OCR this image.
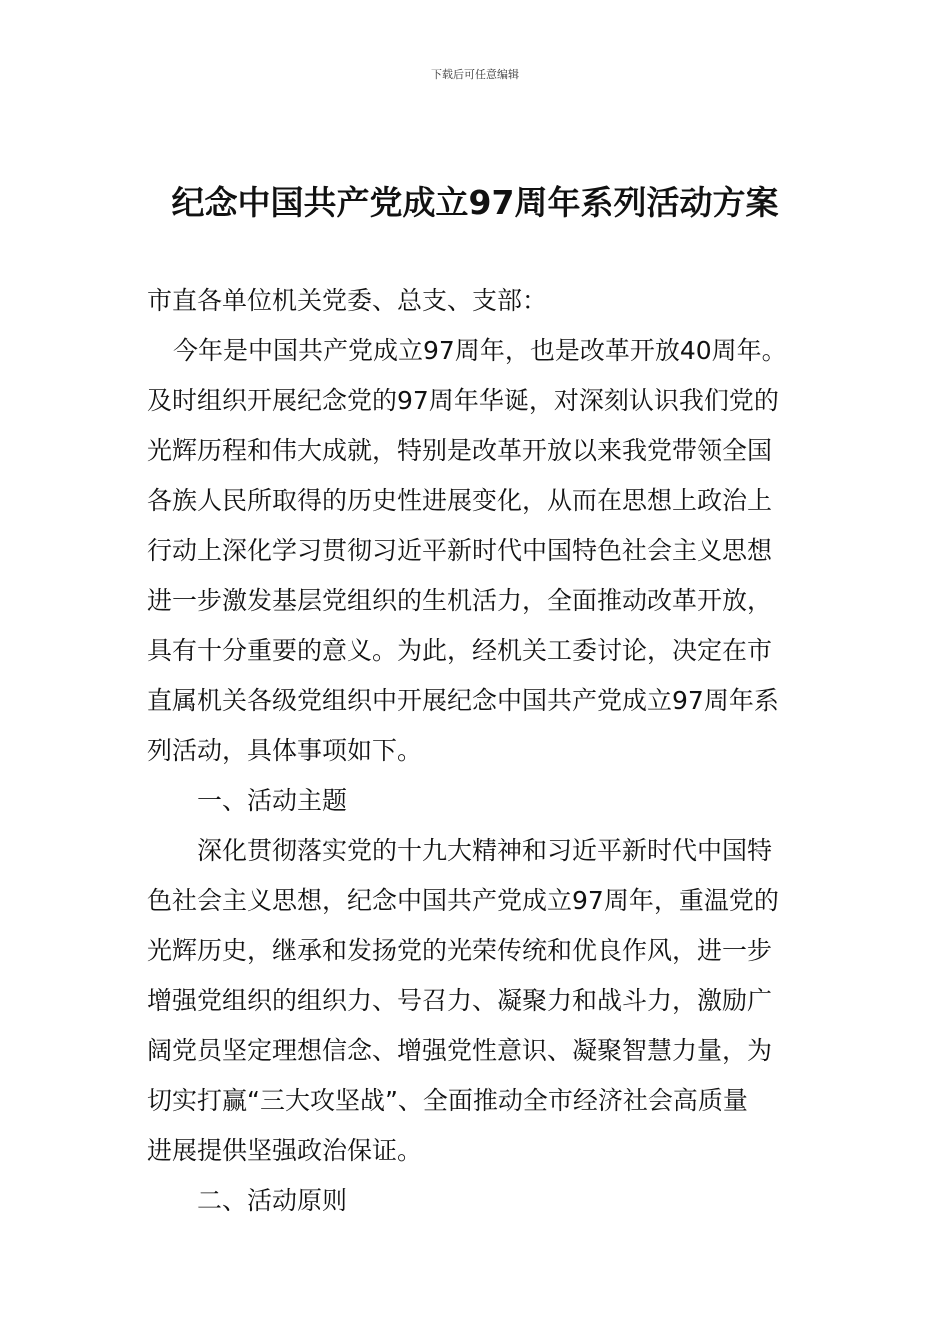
下载后可任意编辑
纪念中国共产党成立97周年系列活动方案
市直各单位机关党委、总支、支部：
今年是中国共产党成立97周年，也是改革开放40周年。
及时组织开展纪念党的97周年华诞，对深刻认识我们党的
光辉历程和伟大成就，特别是改革开放以来我党带领全国
各族人民所取得的历史性进展变化，从而在思想上政治上
行动上深化学习贯彻习近平新时代中国特色社会主义思想
进一步激发基层党组织的生机活力，全面推动改革开放，
具有十分重要的意义。为此，经机关工委讨论，决定在市
直属机关各级党组织中开展纪念中国共产党成立97周年系
列活动，具体事项如下。
一、活动主题
深化贯彻落实党的十九大精神和习近平新时代中国特
色社会主义思想，纪念中国共产党成立97周年，重温党的
光辉历史，继承和发扬党的光荣传统和优良作风，进一步
增强党组织的组织力、号召力、凝聚力和战斗力，激励广
阔党员坚定理想信念、增强党性意识、凝聚智慧力量，为
切实打赢“三大攻坚战”、全面推动全市经济社会高质量
进展提供坚强政治保证。
二、活动原则
